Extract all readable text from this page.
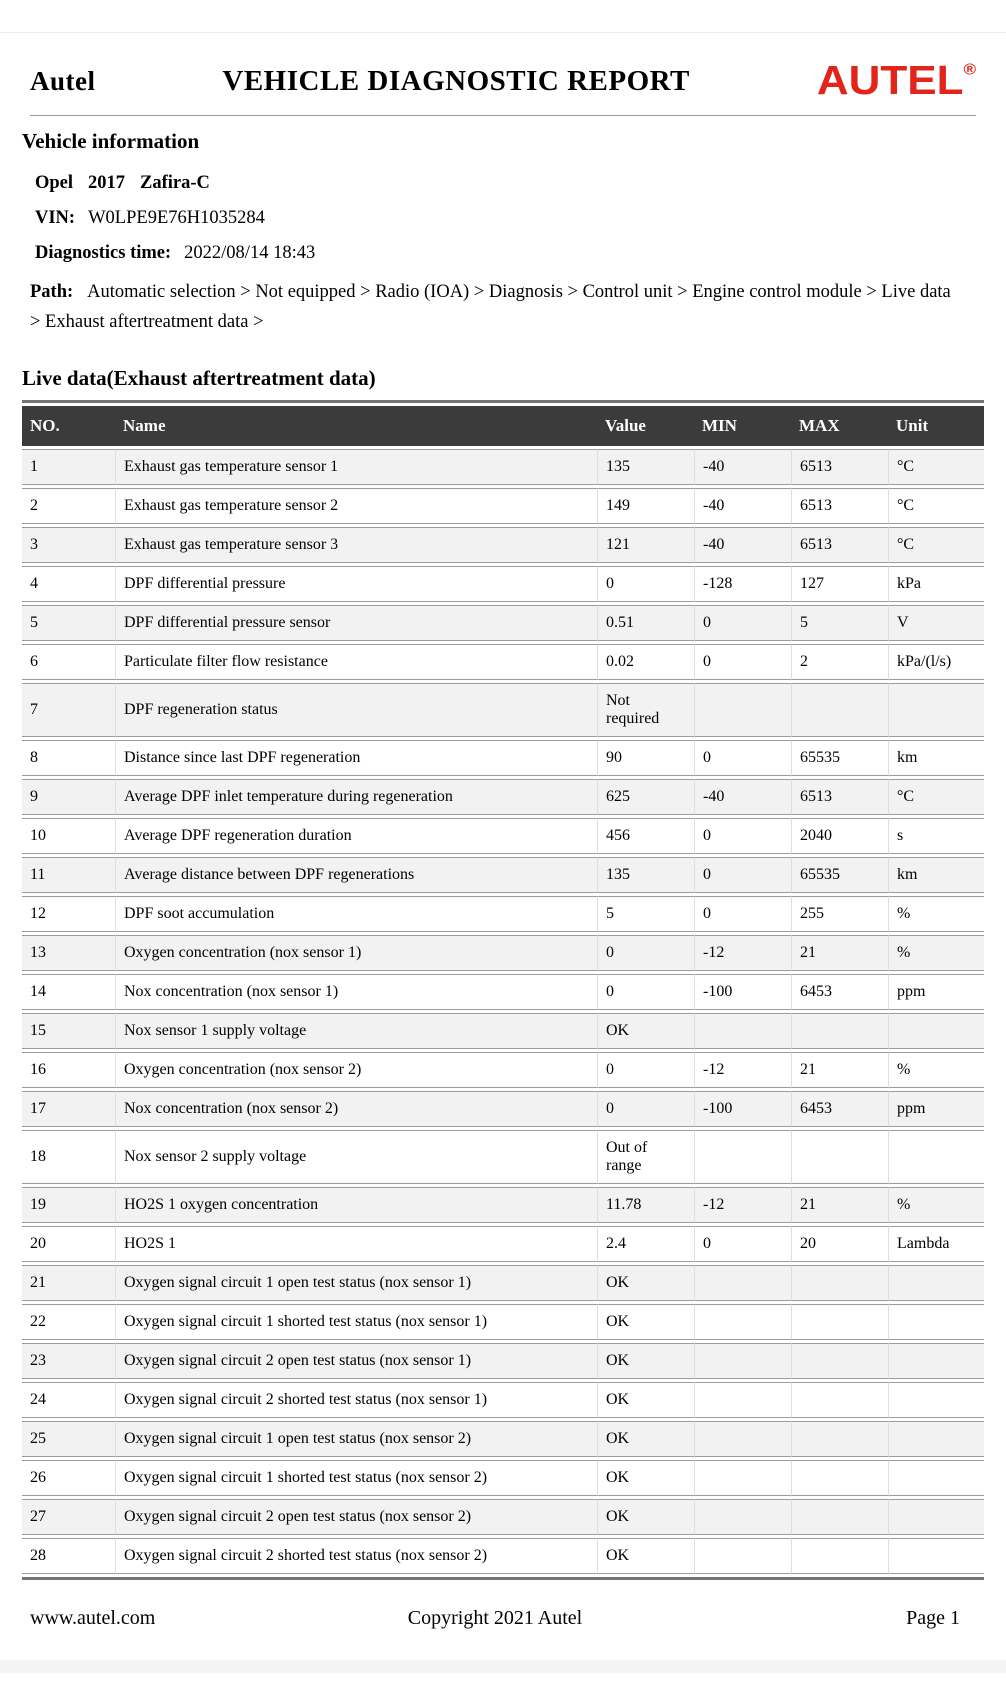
Autel	VEHICLE DIAGNOSTIC REPORT	AUTEL®
Vehicle information
Opel 2017 Zafira-C
VIN: W0LPE9E76H1035284
Diagnostics time: 2022/08/14 18:43
Path: Automatic selection > Not equipped > Radio (IOA) > Diagnosis > Control unit > Engine control module > Live data > Exhaust aftertreatment data >
Live data(Exhaust aftertreatment data)
NO.	Name	Value	MIN	MAX	Unit
1	Exhaust gas temperature sensor 1	135	-40	6513	°C
2	Exhaust gas temperature sensor 2	149	-40	6513	°C
3	Exhaust gas temperature sensor 3	121	-40	6513	°C
4	DPF differential pressure	0	-128	127	kPa
5	DPF differential pressure sensor	0.51	0	5	V
6	Particulate filter flow resistance	0.02	0	2	kPa/(l/s)
7	DPF regeneration status	Not required			
8	Distance since last DPF regeneration	90	0	65535	km
9	Average DPF inlet temperature during regeneration	625	-40	6513	°C
10	Average DPF regeneration duration	456	0	2040	s
11	Average distance between DPF regenerations	135	0	65535	km
12	DPF soot accumulation	5	0	255	%
13	Oxygen concentration (nox sensor 1)	0	-12	21	%
14	Nox concentration (nox sensor 1)	0	-100	6453	ppm
15	Nox sensor 1 supply voltage	OK			
16	Oxygen concentration (nox sensor 2)	0	-12	21	%
17	Nox concentration (nox sensor 2)	0	-100	6453	ppm
18	Nox sensor 2 supply voltage	Out of range			
19	HO2S 1 oxygen concentration	11.78	-12	21	%
20	HO2S 1	2.4	0	20	Lambda
21	Oxygen signal circuit 1 open test status (nox sensor 1)	OK			
22	Oxygen signal circuit 1 shorted test status (nox sensor 1)	OK			
23	Oxygen signal circuit 2 open test status (nox sensor 1)	OK			
24	Oxygen signal circuit 2 shorted test status (nox sensor 1)	OK			
25	Oxygen signal circuit 1 open test status (nox sensor 2)	OK			
26	Oxygen signal circuit 1 shorted test status (nox sensor 2)	OK			
27	Oxygen signal circuit 2 open test status (nox sensor 2)	OK			
28	Oxygen signal circuit 2 shorted test status (nox sensor 2)	OK			
www.autel.com	Copyright 2021 Autel	Page 1
